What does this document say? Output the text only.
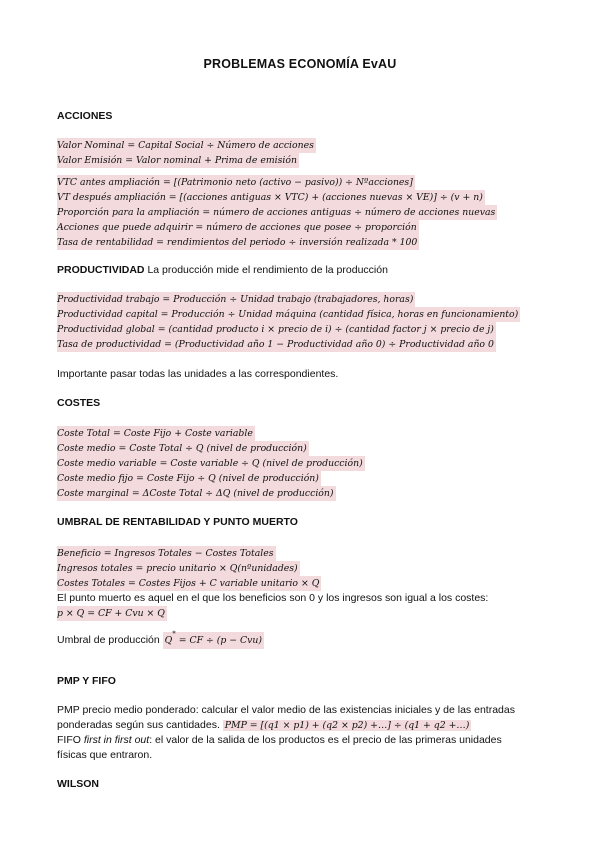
PROBLEMAS ECONOMÍA EvAU
ACCIONES
Valor Nominal = Capital Social ÷ Número de acciones
Valor Emisión = Valor nominal + Prima de emisión
VTC antes ampliación = [(Patrimonio neto (activo − pasivo)) ÷ Nºacciones]
VT después ampliación = [(acciones antiguas × VTC) + (acciones nuevas × VE)] ÷ (v + n)
Proporción para la ampliación = número de acciones antiguas ÷ número de acciones nuevas
Acciones que puede adquirir = número de acciones que posee ÷ proporción
Tasa de rentabilidad = rendimientos del periodo ÷ inversión realizada * 100
PRODUCTIVIDAD La producción mide el rendimiento de la producción
Productividad trabajo = Producción ÷ Unidad trabajo (trabajadores, horas)
Productividad capital = Producción ÷ Unidad máquina (cantidad física, horas en funcionamiento)
Productividad global = (cantidad producto i × precio de i) ÷ (cantidad factor j × precio de j)
Tasa de productividad = (Productividad año 1 − Productividad año 0) ÷ Productividad año 0
Importante pasar todas las unidades a las correspondientes.
COSTES
Coste Total = Coste Fijo + Coste variable
Coste medio = Coste Total ÷ Q (nivel de producción)
Coste medio variable = Coste variable ÷ Q (nivel de producción)
Coste medio fijo = Coste Fijo ÷ Q (nivel de producción)
Coste marginal = ΔCoste Total ÷ ΔQ (nivel de producción)
UMBRAL DE RENTABILIDAD Y PUNTO MUERTO
Beneficio = Ingresos Totales − Costes Totales
Ingresos totales = precio unitario × Q(nºunidades)
Costes Totales = Costes Fijos + C variable unitario × Q
El punto muerto es aquel en el que los beneficios son 0 y los ingresos son igual a los costes:
p × Q = CF + Cvu × Q
Umbral de producción Q* = CF ÷ (p − Cvu)
PMP Y FIFO
PMP precio medio ponderado: calcular el valor medio de las existencias iniciales y de las entradas
ponderadas según sus cantidades. PMP = [(q1 × p1) + (q2 × p2) +…] ÷ (q1 + q2 +…)
FIFO first in first out: el valor de la salida de los productos es el precio de las primeras unidades
físicas que entraron.
WILSON
